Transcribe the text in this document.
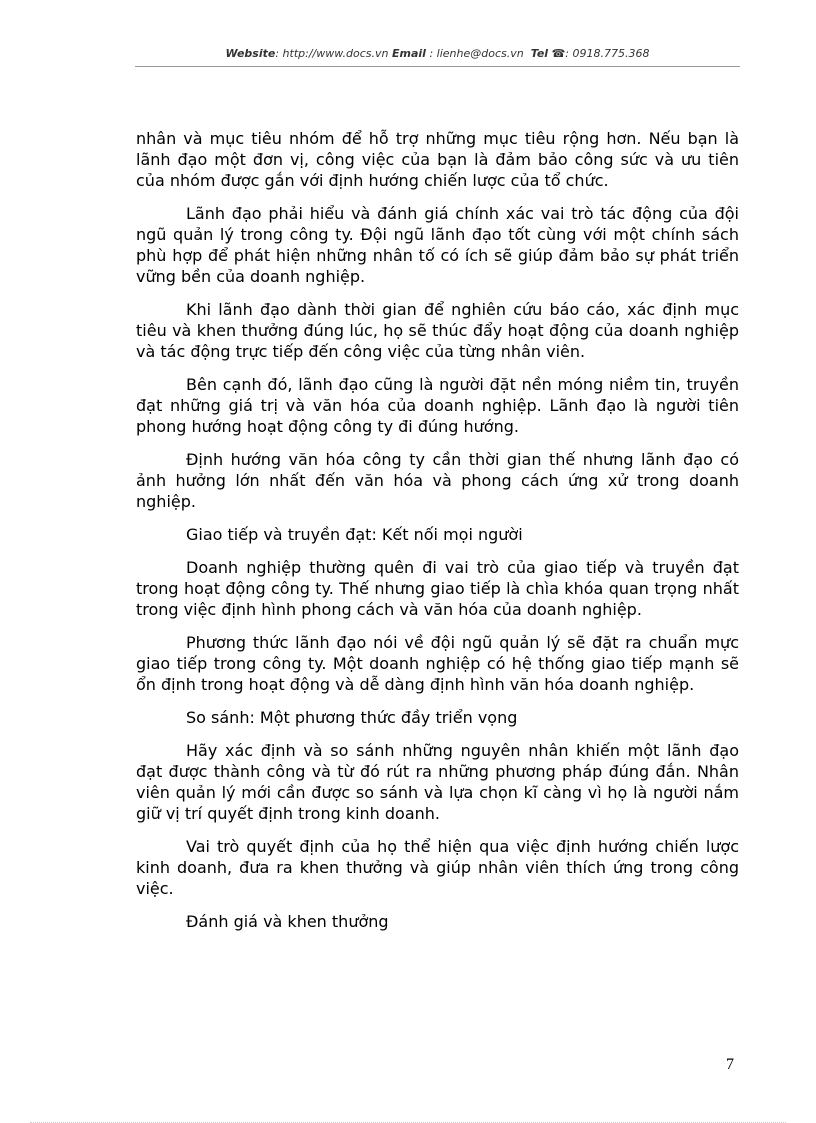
Website: http://www.docs.vn Email : lienhe@docs.vn Tel ☎: 0918.775.368

nhân và mục tiêu nhóm để hỗ trợ những mục tiêu rộng hơn. Nếu bạn là lãnh đạo một đơn vị, công việc của bạn là đảm bảo công sức và ưu tiên của nhóm được gắn với định hướng chiến lược của tổ chức.

Lãnh đạo phải hiểu và đánh giá chính xác vai trò tác động của đội ngũ quản lý trong công ty. Đội ngũ lãnh đạo tốt cùng với một chính sách phù hợp để phát hiện những nhân tố có ích sẽ giúp đảm bảo sự phát triển vững bền của doanh nghiệp.

Khi lãnh đạo dành thời gian để nghiên cứu báo cáo, xác định mục tiêu và khen thưởng đúng lúc, họ sẽ thúc đẩy hoạt động của doanh nghiệp và tác động trực tiếp đến công việc của từng nhân viên.

Bên cạnh đó, lãnh đạo cũng là người đặt nền móng niềm tin, truyền đạt những giá trị và văn hóa của doanh nghiệp. Lãnh đạo là người tiên phong hướng hoạt động công ty đi đúng hướng.

Định hướng văn hóa công ty cần thời gian thế nhưng lãnh đạo có ảnh hưởng lớn nhất đến văn hóa và phong cách ứng xử trong doanh nghiệp.

Giao tiếp và truyền đạt: Kết nối mọi người

Doanh nghiệp thường quên đi vai trò của giao tiếp và truyền đạt trong hoạt động công ty. Thế nhưng giao tiếp là chìa khóa quan trọng nhất trong việc định hình phong cách và văn hóa của doanh nghiệp.

Phương thức lãnh đạo nói về đội ngũ quản lý sẽ đặt ra chuẩn mực giao tiếp trong công ty. Một doanh nghiệp có hệ thống giao tiếp mạnh sẽ ổn định trong hoạt động và dễ dàng định hình văn hóa doanh nghiệp.

So sánh: Một phương thức đầy triển vọng

Hãy xác định và so sánh những nguyên nhân khiến một lãnh đạo đạt được thành công và từ đó rút ra những phương pháp đúng đắn. Nhân viên quản lý mới cần được so sánh và lựa chọn kĩ càng vì họ là người nắm giữ vị trí quyết định trong kinh doanh.

Vai trò quyết định của họ thể hiện qua việc định hướng chiến lược kinh doanh, đưa ra khen thưởng và giúp nhân viên thích ứng trong công việc.

Đánh giá và khen thưởng

7
